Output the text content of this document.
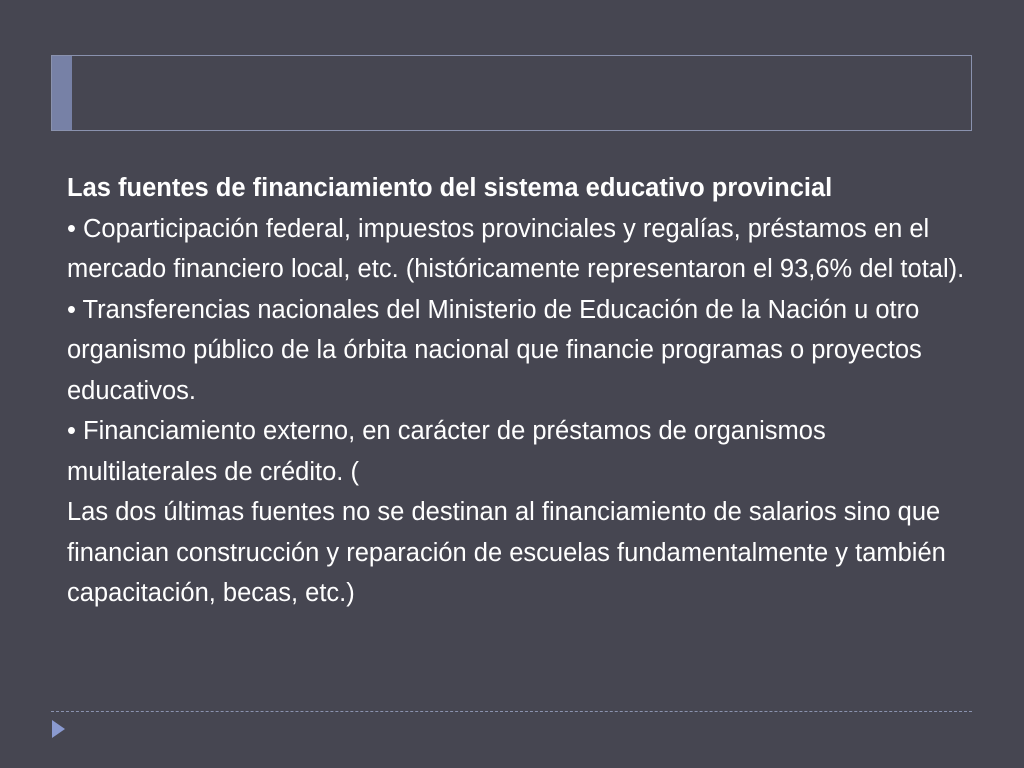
Las fuentes de financiamiento del sistema educativo provincial

• Coparticipación federal, impuestos provinciales y regalías, préstamos en el mercado financiero local, etc. (históricamente representaron el 93,6% del total).

• Transferencias nacionales del Ministerio de Educación de la Nación u otro organismo público de la órbita nacional que financie programas o proyectos educativos.

• Financiamiento externo, en carácter de préstamos de organismos multilaterales de crédito. (

Las dos últimas fuentes no se destinan al financiamiento de salarios sino que financian construcción y reparación de escuelas fundamentalmente y también capacitación, becas, etc.)
